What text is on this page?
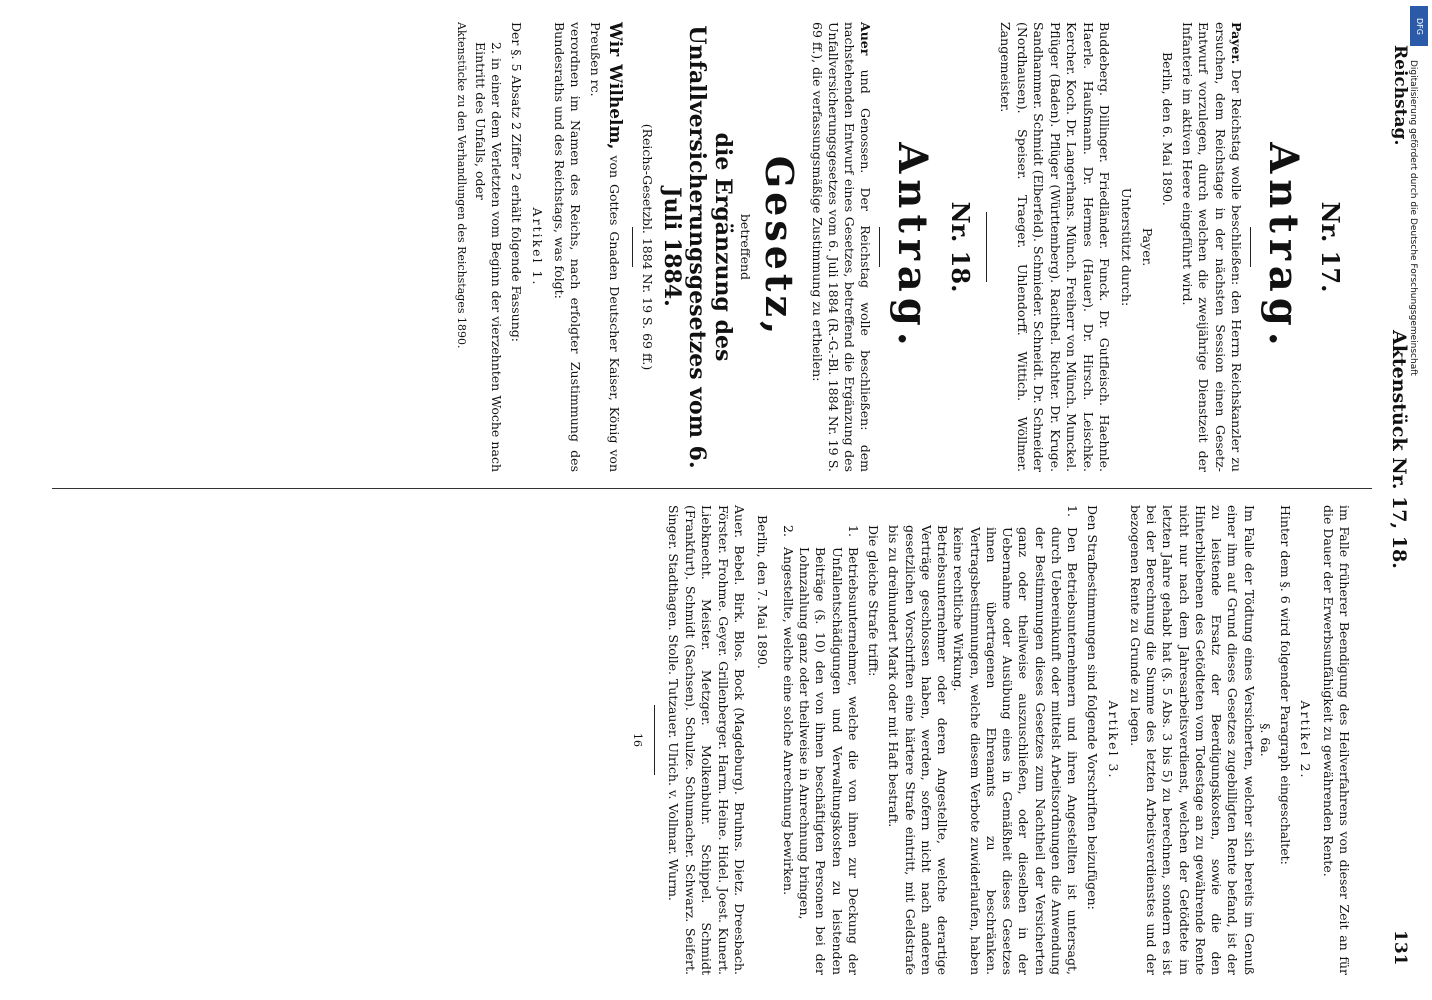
Reichstag.
Aktenstück Nr. 17, 18.
131
Nr. 17.
Antrag.

Payer. Der Reichstag wolle beschließen: den Herrn Reichskanzler zu ersuchen, dem Reichstage in der nächsten Session einen Gesetz-Entwurf vorzulegen, durch welchen die zweijährige Dienstzeit der Infanterie im aktiven Heere eingeführt wird.

Berlin, den 6. Mai 1890.

Payer.

Unterstützt durch:

Buddeberg. Dillinger. Friedländer. Funck. Dr. Gutfleisch. Haehnle. Haerle. Haußmann. Dr. Hermes (Hauer). Dr. Hirsch. Leischke. Kercher. Koch. Dr. Langerhans. Münch. Freiherr von Münch. Munckel. Pflüger (Baden). Pflüger (Württemberg). Racithel. Richter. Dr. Kruge. Sandhammer. Schmidt (Elberfeld). Schmieder. Schneidt. Dr. Schneider (Nordhausen). Speiser. Traeger. Uhlendorff. Wittich. Wöllmer. Zangemeister.
Nr. 18.
Antrag.

Auer und Genossen. Der Reichstag wolle beschließen: dem nachstehenden Entwurf eines Gesetzes, betreffend die Ergänzung des Unfallversicherungsgesetzes vom 6. Juli 1884 (R.-G.-Bl. 1884 Nr. 19 S. 69 ff.), die verfassungsmäßige Zustimmung zu ertheilen:

Gesetz,
betreffend
die Ergänzung des Unfallversicherungsgesetzes vom 6. Juli 1884.
(Reichs-Gesetzbl. 1884 Nr. 19 S. 69 ff.)

Wir Wilhelm, von Gottes Gnaden Deutscher Kaiser, König von Preußen rc.

verordnen im Namen des Reichs, nach erfolgter Zustimmung des Bundesraths und des Reichstags, was folgt:

Artikel 1.

Der §. 5 Absatz 2 Ziffer 2 erhält folgende Fassung:

2. in einer dem Verletzten vom Beginn der vierzehnten Woche nach Eintritt des Unfalls, oder

Aktenstücke zu den Verhandlungen des Reichstages 1890.

im Falle früherer Beendigung des Heilverfahrens von dieser Zeit an für die Dauer der Erwerbsunfähigkeit zu gewährenden Rente.

Artikel 2.

Hinter dem §. 6 wird folgender Paragraph eingeschaltet:

§. 6a.

Im Falle der Tödtung eines Versicherten, welcher sich bereits im Genuß einer ihm auf Grund dieses Gesetzes zugebilligten Rente befand, ist der zu leistende Ersatz der Beerdigungskosten, sowie die den Hinterbliebenen des Getödteten vom Todestage an zu gewährende Rente nicht nur nach dem Jahresarbeitsverdienst, welchen der Getödtete im letzten Jahre gehabt hat (§. 5 Abs. 3 bis 5) zu berechnen, sondern es ist bei der Berechnung die Summe des letzten Arbeitsverdienstes und der bezogenen Rente zu Grunde zu legen.

Artikel 3.

Den Strafbestimmungen sind folgende Vorschriften beizufügen:

1.
Den Betriebsunternehmern und ihren Angestellten ist untersagt, durch Uebereinkunft oder mittelst Arbeitsordnungen die Anwendung der Bestimmungen dieses Gesetzes zum Nachtheil der Versicherten ganz oder theilweise auszuschließen, oder dieselben in der Uebernahme oder Ausübung eines in Gemäßheit dieses Gesetzes ihnen übertragenen Ehrenamts zu beschränken. Vertragsbestimmungen, welche diesem Verbote zuwiderlaufen, haben keine rechtliche Wirkung.

Betriebsunternehmer oder deren Angestellte, welche derartige Verträge geschlossen haben, werden, sofern nicht nach anderen gesetzlichen Vorschriften eine härtere Strafe eintritt, mit Geldstrafe bis zu dreihundert Mark oder mit Haft bestraft.

Die gleiche Strafe trifft:

1.
Betriebsunternehmer, welche die von ihnen zur Deckung der Unfallentschädigungen und Verwaltungskosten zu leistenden Beiträge (§. 10) den von ihnen beschäftigten Personen bei der Lohnzahlung ganz oder theilweise in Anrechnung bringen,
2.
Angestellte, welche eine solche Anrechnung bewirken.

Berlin, den 7. Mai 1890.

Auer. Bebel. Birk. Blos. Bock (Magdeburg). Bruhns. Dietz. Dreesbach. Förster. Frohme. Geyer. Grillenberger. Harm. Heine. Hidel. Joest. Kunert. Liebknecht. Meister. Metzger. Molkenbuhr. Schippel. Schmidt (Frankfurt). Schmidt (Sachsen). Schulze. Schumacher. Schwarz. Seifert. Singer. Stadthagen. Stolle. Tutzauer. Ulrich. v. Vollmar. Wurm.

16

Digitalisierung gefördert durch die Deutsche Forschungsgemeinschaft
DFG
